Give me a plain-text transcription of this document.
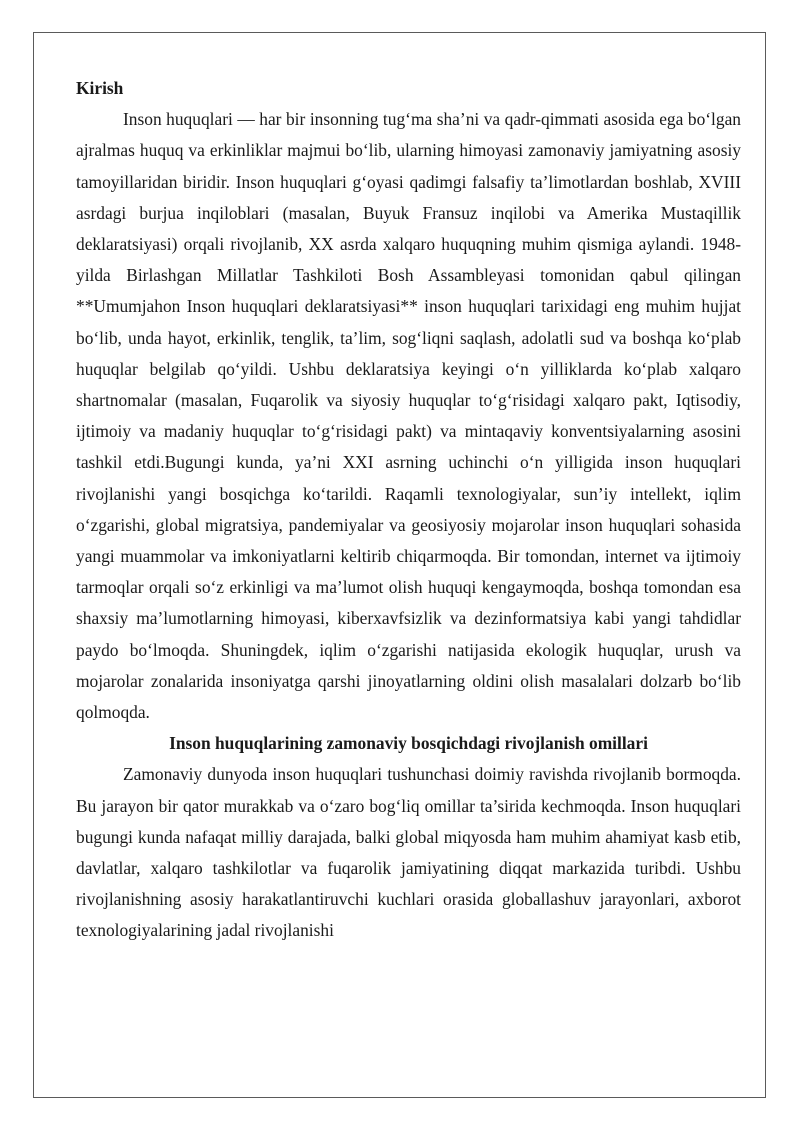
Kirish

Inson huquqlari — har bir insonning tug‘ma sha’ni va qadr-qimmati asosida ega bo‘lgan ajralmas huquq va erkinliklar majmui bo‘lib, ularning himoyasi zamonaviy jamiyatning asosiy tamoyillaridan biridir. Inson huquqlari g‘oyasi qadimgi falsafiy ta’limotlardan boshlab, XVIII asrdagi burjua inqiloblari (masalan, Buyuk Fransuz inqilobi va Amerika Mustaqillik deklaratsiyasi) orqali rivojlanib, XX asrda xalqaro huquqning muhim qismiga aylandi. 1948-yilda Birlashgan Millatlar Tashkiloti Bosh Assambleyasi tomonidan qabul qilingan **Umumjahon Inson huquqlari deklaratsiyasi** inson huquqlari tarixidagi eng muhim hujjat bo‘lib, unda hayot, erkinlik, tenglik, ta’lim, sog‘liqni saqlash, adolatli sud va boshqa ko‘plab huquqlar belgilab qo‘yildi. Ushbu deklaratsiya keyingi o‘n yilliklarda ko‘plab xalqaro shartnomalar (masalan, Fuqarolik va siyosiy huquqlar to‘g‘risidagi xalqaro pakt, Iqtisodiy, ijtimoiy va madaniy huquqlar to‘g‘risidagi pakt) va mintaqaviy konventsiyalarning asosini tashkil etdi.Bugungi kunda, ya’ni XXI asrning uchinchi o‘n yilligida inson huquqlari rivojlanishi yangi bosqichga ko‘tarildi. Raqamli texnologiyalar, sun’iy intellekt, iqlim o‘zgarishi, global migratsiya, pandemiyalar va geosiyosiy mojarolar inson huquqlari sohasida yangi muammolar va imkoniyatlarni keltirib chiqarmoqda. Bir tomondan, internet va ijtimoiy tarmoqlar orqali so‘z erkinligi va ma’lumot olish huquqi kengaymoqda, boshqa tomondan esa shaxsiy ma’lumotlarning himoyasi, kiberxavfsizlik va dezinformatsiya kabi yangi tahdidlar paydo bo‘lmoqda. Shuningdek, iqlim o‘zgarishi natijasida ekologik huquqlar, urush va mojarolar zonalarida insoniyatga qarshi jinoyatlarning oldini olish masalalari dolzarb bo‘lib qolmoqda.

Inson huquqlarining zamonaviy bosqichdagi rivojlanish omillari

Zamonaviy dunyoda inson huquqlari tushunchasi doimiy ravishda rivojlanib bormoqda. Bu jarayon bir qator murakkab va o‘zaro bog‘liq omillar ta’sirida kechmoqda. Inson huquqlari bugungi kunda nafaqat milliy darajada, balki global miqyosda ham muhim ahamiyat kasb etib, davlatlar, xalqaro tashkilotlar va fuqarolik jamiyatining diqqat markazida turibdi. Ushbu rivojlanishning asosiy harakatlantiruvchi kuchlari orasida globallashuv jarayonlari, axborot texnologiyalarining jadal rivojlanishi
